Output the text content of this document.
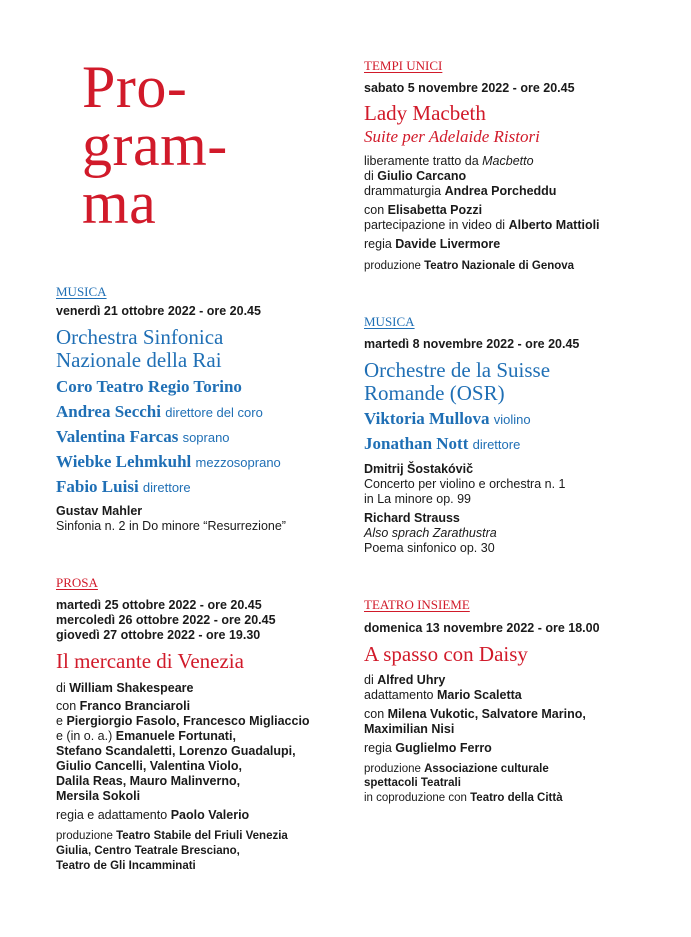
Pro-
gram-
ma
MUSICA
venerdì 21 ottobre 2022 - ore 20.45
Orchestra Sinfonica
Nazionale della Rai
Coro Teatro Regio Torino
Andrea Secchi direttore del coro
Valentina Farcas soprano
Wiebke Lehmkuhl mezzosoprano
Fabio Luisi direttore
Gustav Mahler
Sinfonia n. 2 in Do minore “Resurrezione”
PROSA
martedì 25 ottobre 2022 - ore 20.45
mercoledì 26 ottobre 2022 - ore 20.45
giovedì 27 ottobre 2022 - ore 19.30
Il mercante di Venezia
di William Shakespeare
con Franco Branciaroli
e Piergiorgio Fasolo, Francesco Migliaccio
e (in o. a.) Emanuele Fortunati,
Stefano Scandaletti, Lorenzo Guadalupi,
Giulio Cancelli, Valentina Violo,
Dalila Reas, Mauro Malinverno,
Mersila Sokoli
regia e adattamento Paolo Valerio
produzione Teatro Stabile del Friuli Venezia
Giulia, Centro Teatrale Bresciano,
Teatro de Gli Incamminati
TEMPI UNICI
sabato 5 novembre 2022 - ore 20.45
Lady Macbeth
Suite per Adelaide Ristori
liberamente tratto da Macbetto
di Giulio Carcano
drammaturgia Andrea Porcheddu
con Elisabetta Pozzi
partecipazione in video di Alberto Mattioli
regia Davide Livermore
produzione Teatro Nazionale di Genova
MUSICA
martedì 8 novembre 2022 - ore 20.45
Orchestre de la Suisse
Romande (OSR)
Viktoria Mullova violino
Jonathan Nott direttore
Dmitrij Šostakóvič
Concerto per violino e orchestra n. 1
in La minore op. 99
Richard Strauss
Also sprach Zarathustra
Poema sinfonico op. 30
TEATRO INSIEME
domenica 13 novembre 2022 - ore 18.00
A spasso con Daisy
di Alfred Uhry
adattamento Mario Scaletta
con Milena Vukotic, Salvatore Marino,
Maximilian Nisi
regia Guglielmo Ferro
produzione Associazione culturale
spettacoli Teatrali
in coproduzione con Teatro della Città
